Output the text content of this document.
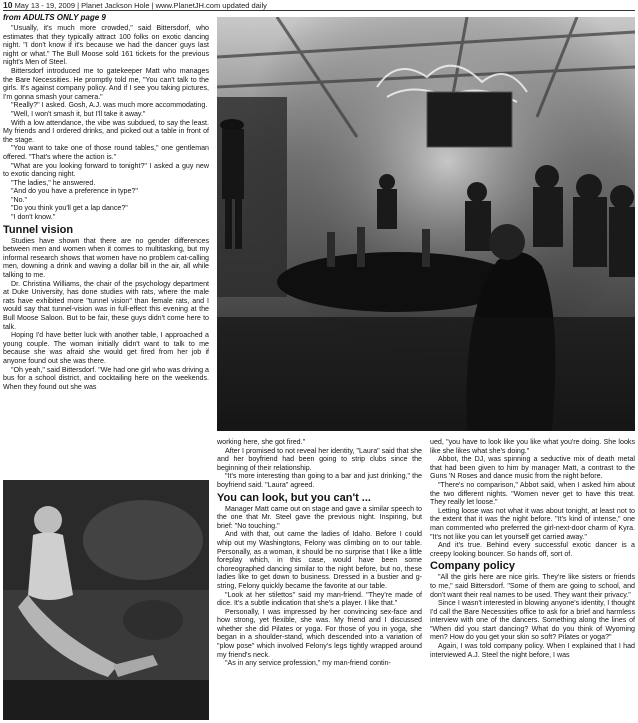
10 May 13 - 19, 2009 | Planet Jackson Hole | www.PlanetJH.com updated daily
from ADULTS ONLY page 9

"Usually, it's much more crowded," said Bittersdorf, who estimates that they typically attract 100 folks on exotic dancing night. "I don't know if it's because we had the dancer guys last night or what." The Bull Moose sold 161 tickets for the previous night's Men of Steel.

Bittersdorf introduced me to gatekeeper Matt who manages the Bare Necessities. He promptly told me, "You can't talk to the girls. It's against company policy. And if I see you taking pictures, I'm gonna smash your camera."

"Really?" I asked. Gosh, A.J. was much more accommodating.

"Well, I won't smash it, but I'll take it away."

With a low attendance, the vibe was subdued, to say the least. My friends and I ordered drinks, and picked out a table in front of the stage.

"You want to take one of those round tables," one gentleman offered. "That's where the action is."

"What are you looking forward to tonight?" I asked a guy new to exotic dancing night.

"The ladies," he answered.

"And do you have a preference in type?"

"No."

"Do you think you'll get a lap dance?"

"I don't know."

Tunnel vision

Studies have shown that there are no gender differences between men and women when it comes to multitasking, but my informal research shows that women have no problem cat-calling men, downing a drink and waving a dollar bill in the air, all while talking to me.

Dr. Christina Williams, the chair of the psychology department at Duke University, has done studies with rats, where the male rats have exhibited more "tunnel vision" than female rats, and I would say that tunnel-vision was in full-effect this evening at the Bull Moose Saloon. But to be fair, these guys didn't come here to talk.

Hoping I'd have better luck with another table, I approached a young couple. The woman initially didn't want to talk to me because she was afraid she would get fired from her job if anyone found out she was there.

"Oh yeah," said Bittersdorf. "We had one girl who was driving a bus for a school district, and cocktailing here on the weekends. When they found out she was

working here, she got fired."

After I promised to not reveal her identity, "Laura" said that she and her boyfriend had been going to strip clubs since the beginning of their relationship.

"It's more interesting than going to a bar and just drinking," the boyfriend said. "Laura" agreed.

You can look, but you can't ...

Manager Matt came out on stage and gave a similar speech to the one that Mr. Steel gave the previous night. Inspiring, but brief: "No touching."

And with that, out came the ladies of Idaho. Before I could whip out my Washingtons, Felony was climbing on to our table. Personally, as a woman, it should be no surprise that I like a little foreplay which, in this case, would have been some choreographed dancing similar to the night before, but no, these ladies like to get down to business. Dressed in a bustier and g-string, Felony quickly became the favorite at our table.

"Look at her stilettos" said my man-friend. "They're made of dice. It's a subtle indication that she's a player. I like that."

Personally, I was impressed by her convincing sex-face and how strong, yet flexible, she was. My friend and I discussed whether she did Pilates or yoga. For those of you in yoga, she began in a shoulder-stand, which descended into a variation of "plow pose" which involved Felony's legs tightly wrapped around my friend's neck.

"As in any service profession," my man-friend contin-

ued, "you have to look like you like what you're doing. She looks like she likes what she's doing."

Abbot, the DJ, was spinning a seductive mix of death metal that had been given to him by manager Matt, a contrast to the Guns 'N Roses and dance music from the night before.

"There's no comparison," Abbot said, when I asked him about the two different nights. "Women never get to have this treat. They really let loose."

Letting loose was not what it was about tonight, at least not to the extent that it was the night before. "It's kind of intense," one man commented who preferred the girl-next-door charm of Kyra. "It's not like you can let yourself get carried away."

And it's true. Behind every successful exotic dancer is a creepy looking bouncer. So hands off, sort of.

Company policy

"All the girls here are nice girls. They're like sisters or friends to me," said Bittersdorf. "Some of them are going to school, and don't want their real names to be used. They want their privacy."

Since I wasn't interested in blowing anyone's identity, I thought I'd call the Bare Necessities office to ask for a brief and harmless interview with one of the dancers. Something along the lines of "When did you start dancing? What do you think of Wyoming men? How do you get your skin so soft? Pilates or yoga?"

Again, I was told company policy. When I explained that I had interviewed A.J. Steel the night before, I was
